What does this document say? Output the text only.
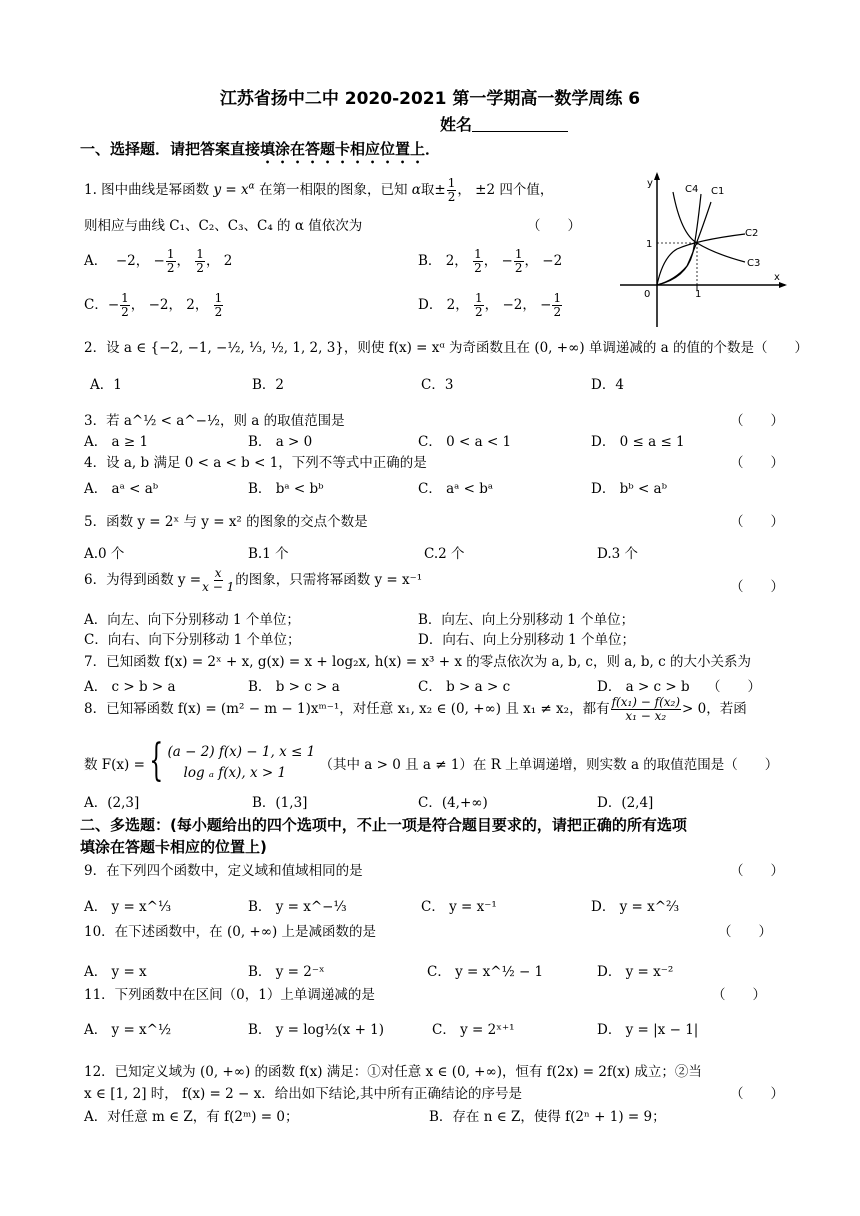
江苏省扬中二中 2020-2021 第一学期高一数学周练 6
姓名
一、选择题．请把答案直接填涂在答题卡相应位置上．
1. 图中曲线是幂函数 $y = x^\alpha$ 在第一相限的图象，已知 α取± $\frac{1}{2}$ ， ±2 四个值，
则相应与曲线 C₁、C₂、C₃、C₄ 的 α 值依次为	（　　）
A． −2， − $\frac{1}{2}$ ， $\frac{1}{2}$ ， 2	B． 2， $\frac{1}{2}$ ， − $\frac{1}{2}$ ， −2
C．− $\frac{1}{2}$ ， −2， 2， $\frac{1}{2}$	D． 2， $\frac{1}{2}$ ， −2， − $\frac{1}{2}$
y
x
0	1
1
C4 C1
C2
C3
2．设 a ∈ {−2, −1, −½, ⅓, ½, 1, 2, 3}，则使 f(x) = xᵅ 为奇函数且在 (0, +∞) 单调递减的 a 的值的个数是（　　）
A．1	B．2	C．3	D．4
3．若 a^½ < a^−½，则 a 的取值范围是	（　　）
A． a ≥ 1	B． a > 0	C． 0 < a < 1	D． 0 ≤ a ≤ 1
4．设 a, b 满足 0 < a < b < 1，下列不等式中正确的是	（　　）
A． aᵃ < aᵇ	B． bᵃ < bᵇ	C． aᵃ < bᵃ	D． bᵇ < aᵇ
5．函数 y = 2ˣ 与 y = x² 的图象的交点个数是	（　　）
A.0 个	B.1 个	C.2 个	D.3 个
6．为得到函数 $y = \frac{x}{x - 1}$ 的图象，只需将幂函数 y = x⁻¹	（　　）
A．向左、向下分别移动 1 个单位；	B．向左、向上分别移动 1 个单位；
C．向右、向下分别移动 1 个单位；	D．向右、向上分别移动 1 个单位；
7．已知函数 f(x) = 2ˣ + x, g(x) = x + log₂x, h(x) = x³ + x 的零点依次为 a, b, c，则 a, b, c 的大小关系为
A． c > b > a	B． b > c > a	C． b > a > c	D． a > c > b （　　）
8．已知幂函数 f(x) = (m² − m − 1)xᵐ⁻¹，对任意 x₁, x₂ ∈ (0, +∞) 且 x₁ ≠ x₂，都有 $\frac{\text{f(x₁) − f(x₂)}}{\text{x₁ − x₂}} > 0$，若函
数 F(x) = { (a − 2) f(x) − 1, x ≤ 1
log ₐ f(x), x > 1	（其中 a > 0 且 a ≠ 1）在 R 上单调递增，则实数 a 的取值范围是（　　）
A．(2,3]	B．(1,3]	C．(4,+∞)	D．(2,4]
二、多选题：(每小题给出的四个选项中，不止一项是符合题目要求的，请把正确的所有选项
填涂在答题卡相应的位置上)
9．在下列四个函数中，定义域和值域相同的是	（　　）
A． y = x^⅓	B． y = x^−⅓	C． y = x⁻¹	D． y = x^⅔
10．在下述函数中，在 (0, +∞) 上是减函数的是	（　　）
A． y = x	B． y = 2⁻ˣ	C． y = x^½ − 1	D． y = x⁻²
11．下列函数中在区间（0，1）上单调递减的是	（　　）
A． y = x^½	B． y = log½(x + 1)	C． y = 2ˣ⁺¹	D． y = |x − 1|
12．已知定义域为 (0, +∞) 的函数 f(x) 满足：①对任意 x ∈ (0, +∞)，恒有 f(2x) = 2f(x) 成立；②当
x ∈ [1, 2] 时， f(x) = 2 − x．给出如下结论,其中所有正确结论的序号是	（　　）
A．对任意 m ∈ Z，有 f(2ᵐ) = 0；	B．存在 n ∈ Z，使得 f(2ⁿ + 1) = 9；
